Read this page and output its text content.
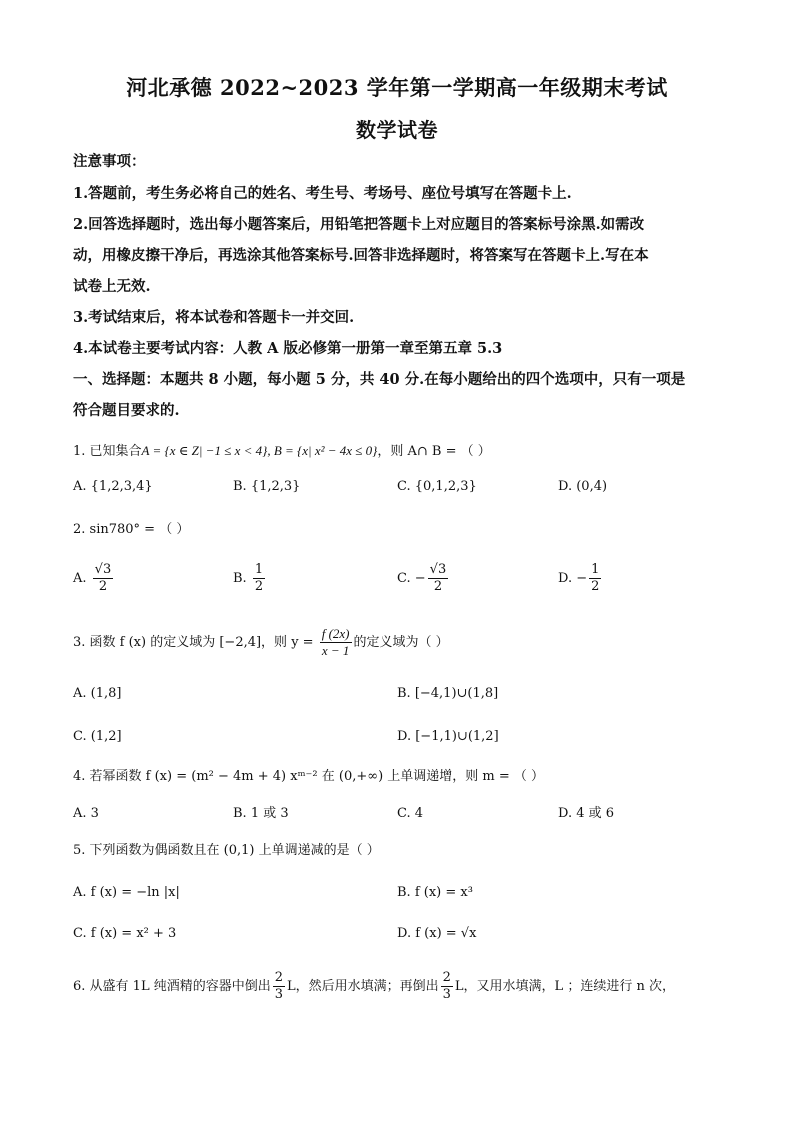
河北承德 2022~2023 学年第一学期高一年级期末考试
数学试卷
注意事项：
1.答题前，考生务必将自己的姓名、考生号、考场号、座位号填写在答题卡上.
2.回答选择题时，选出每小题答案后，用铅笔把答题卡上对应题目的答案标号涂黑.如需改
动，用橡皮擦干净后，再选涂其他答案标号.回答非选择题时，将答案写在答题卡上.写在本
试卷上无效.
3.考试结束后，将本试卷和答题卡一并交回.
4.本试卷主要考试内容：人教 A 版必修第一册第一章至第五章 5.3
一、选择题：本题共 8 小题，每小题 5 分，共 40 分.在每小题给出的四个选项中，只有一项是
符合题目要求的.
1. 已知集合A = {x ∈ Z| −1 ≤ x < 4}, B = {x| x² − 4x ≤ 0}，则 A∩ B = （ ）
A. {1,2,3,4}	B. {1,2,3}	C. {0,1,2,3}	D. (0,4)
2. sin780° = （ ）
A. $\frac{√3}{2}$	B. $\frac{1}{2}$	C. − $\frac{√3}{2}$	D. − $\frac{1}{2}$
3. 函数 f (x) 的定义域为 [−2,4]，则 $y = \frac{f (2x)}{x - 1}$ 的定义域为（ ）
A. (1,8]	B. [−4,1)∪(1,8]
C. (1,2]	D. [−1,1)∪(1,2]
4. 若幂函数 f (x) = (m² − 4m + 4) xᵐ⁻² 在 (0,+∞) 上单调递增，则 m = （ ）
A. 3	B. 1 或 3	C. 4	D. 4 或 6
5. 下列函数为偶函数且在 (0,1) 上单调递减的是（ ）
A. f (x) = −ln |x|	B. f (x) = x³
C. f (x) = x² + 3	D. f (x) = √x
6. 从盛有 1L 纯酒精的容器中倒出 $\frac{2}{3}$ L，然后用水填满；再倒出 $\frac{2}{3}$ L，又用水填满，L ；连续进行 n 次，
